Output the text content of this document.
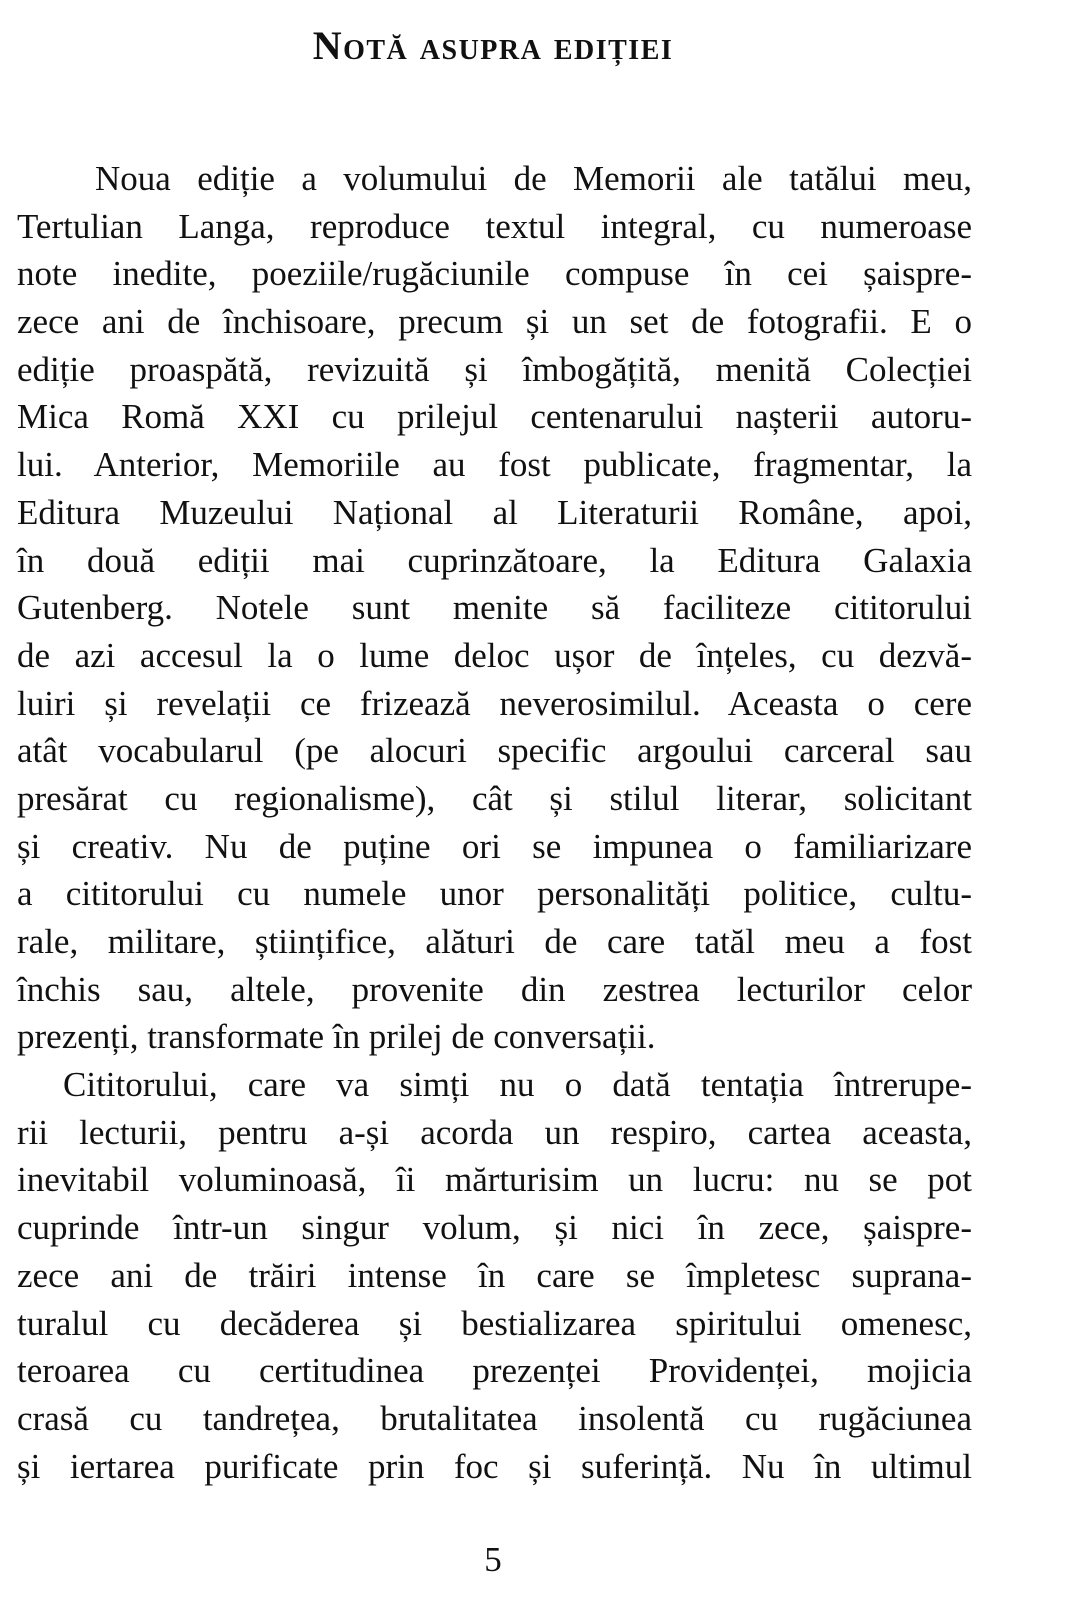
Notă asupra ediției
Noua ediție a volumului de Memorii ale tatălui meu,
Tertulian Langa, reproduce textul integral, cu numeroase
note inedite, poeziile/rugăciunile compuse în cei șaispre-
zece ani de închisoare, precum și un set de fotografii. E o
ediție proaspătă, revizuită și îmbogățită, menită Colecției
Mica Romă XXI cu prilejul centenarului nașterii autoru-
lui. Anterior, Memoriile au fost publicate, fragmentar, la
Editura Muzeului Național al Literaturii Române, apoi,
în două ediții mai cuprinzătoare, la Editura Galaxia
Gutenberg. Notele sunt menite să faciliteze cititorului
de azi accesul la o lume deloc ușor de înțeles, cu dezvă-
luiri și revelații ce frizează neverosimilul. Aceasta o cere
atât vocabularul (pe alocuri specific argoului carceral sau
presărat cu regionalisme), cât și stilul literar, solicitant
și creativ. Nu de puține ori se impunea o familiarizare
a cititorului cu numele unor personalități politice, cultu-
rale, militare, științifice, alături de care tatăl meu a fost
închis sau, altele, provenite din zestrea lecturilor celor
prezenți, transformate în prilej de conversații.
Cititorului, care va simți nu o dată tentația întrerupe-
rii lecturii, pentru a-și acorda un respiro, cartea aceasta,
inevitabil voluminoasă, îi mărturisim un lucru: nu se pot
cuprinde într-un singur volum, și nici în zece, șaispre-
zece ani de trăiri intense în care se împletesc suprana-
turalul cu decăderea și bestializarea spiritului omenesc,
teroarea cu certitudinea prezenței Providenței, mojicia
crasă cu tandrețea, brutalitatea insolentă cu rugăciunea
și iertarea purificate prin foc și suferință. Nu în ultimul
5
